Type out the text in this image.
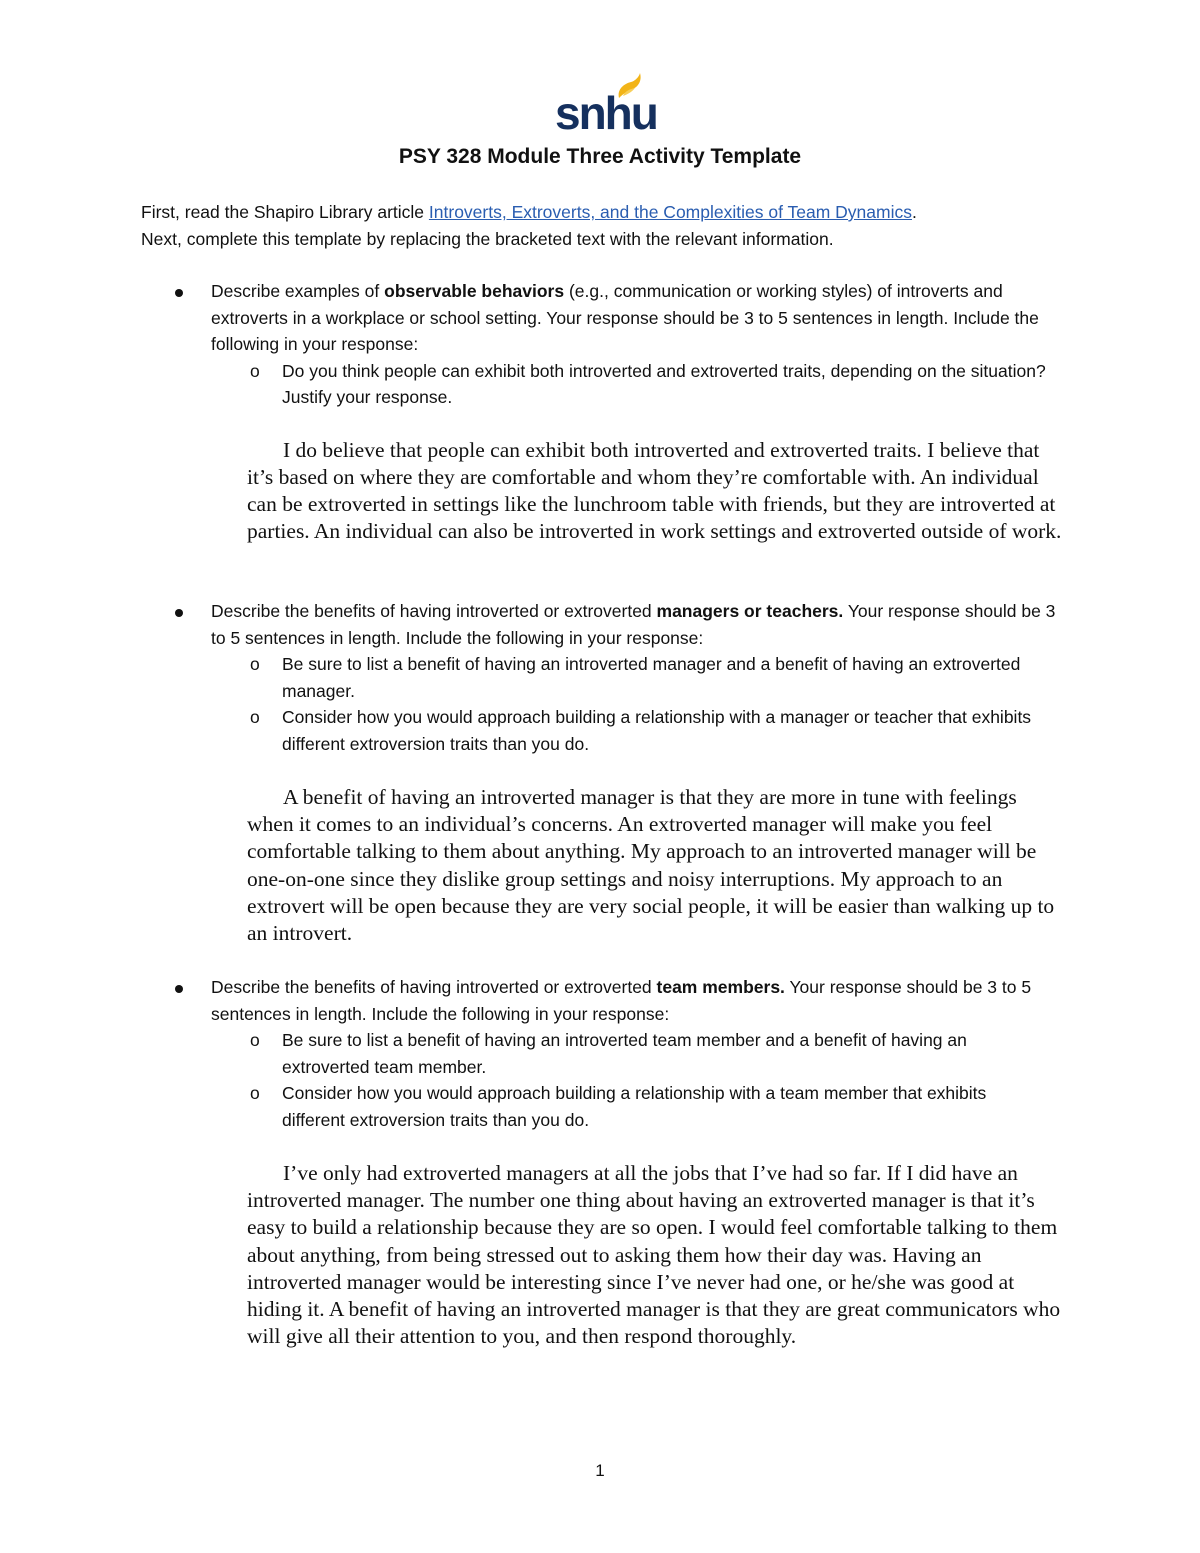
snhu
PSY 328 Module Three Activity Template

First, read the Shapiro Library article Introverts, Extroverts, and the Complexities of Team Dynamics.
Next, complete this template by replacing the bracketed text with the relevant information.

Describe examples of observable behaviors (e.g., communication or working styles) of introverts and extroverts in a workplace or school setting. Your response should be 3 to 5 sentences in length. Include the following in your response:
o Do you think people can exhibit both introverted and extroverted traits, depending on the situation? Justify your response.
I do believe that people can exhibit both introverted and extroverted traits. I believe that it’s based on where they are comfortable and whom they’re comfortable with. An individual can be extroverted in settings like the lunchroom table with friends, but they are introverted at parties. An individual can also be introverted in work settings and extroverted outside of work.
Describe the benefits of having introverted or extroverted managers or teachers. Your response should be 3 to 5 sentences in length. Include the following in your response:
o Be sure to list a benefit of having an introverted manager and a benefit of having an extroverted manager.
o Consider how you would approach building a relationship with a manager or teacher that exhibits different extroversion traits than you do.
A benefit of having an introverted manager is that they are more in tune with feelings when it comes to an individual’s concerns. An extroverted manager will make you feel comfortable talking to them about anything. My approach to an introverted manager will be one-on-one since they dislike group settings and noisy interruptions. My approach to an extrovert will be open because they are very social people, it will be easier than walking up to an introvert.
Describe the benefits of having introverted or extroverted team members. Your response should be 3 to 5 sentences in length. Include the following in your response:
o Be sure to list a benefit of having an introverted team member and a benefit of having an extroverted team member.
o Consider how you would approach building a relationship with a team member that exhibits different extroversion traits than you do.
I’ve only had extroverted managers at all the jobs that I’ve had so far. If I did have an introverted manager. The number one thing about having an extroverted manager is that it’s easy to build a relationship because they are so open. I would feel comfortable talking to them about anything, from being stressed out to asking them how their day was. Having an introverted manager would be interesting since I’ve never had one, or he/she was good at hiding it. A benefit of having an introverted manager is that they are great communicators who will give all their attention to you, and then respond thoroughly.
1
